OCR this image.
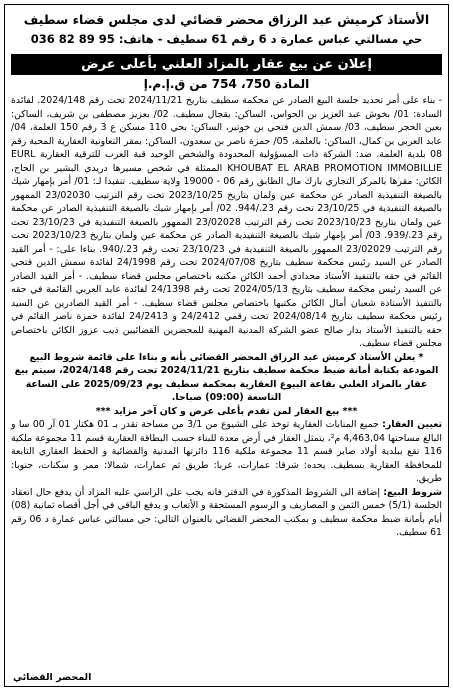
الأستاذ كرميش عبد الرزاق محضر قضائي لدى مجلس قضاء سطيف
حي مسالتي عباس عمارة د 6 رقم 61 سطيف - هاتف: 95 89 82 036
إعلان عن بيع عقار بالمزاد العلني بأعلى عرض
المادة 750، 754 من ق.إ.م.إ

- بناء على أمر تحديد جلسة البيع الصادر عن محكمة سطيف بتاريخ 2024/11/21 تحت رقم 2024/148. لفائدة السادة: 01/ بخوش عبد العزيز بن الحواس، الساكن: بقجال سطيف. 02/ بعزيز مصطفى بن شريف، الساكن: بعين الحجر سطيف، 03/ سمش الدين فتحي بن خوتير، الساكن: بحي 110 مسكن ع 3 رقم 150 العلمة، 04/ عابد العربي بن كمال، الساكن: بالعلمة، 05/ حمزة ناصر بن سعدون، الساكن: بمقر التعاونية العقارية المحبة رقم 08 بلدية العلمة. ضد: الشركة ذات المسؤولية المحدودة والشخص الوحيد قبة العرب للترقية العقارية EURL KHOUBAT EL ARAB PROMOTION IMMOBILLIE الممثلة في شخص مسيرها دريدي البشير بن الحاج، الكائن: مقرها بالمركز التجاري بارك مال الطابق رقم 06 - 19000 ولاية سطيف. تنفيذا لـ: 01/ أمر بإمهار شيك بالصيغة التنفيذية الصادر عن محكمة عين ولمان بتاريخ 2023/10/25 تحت رقم الترتيب 23/02030 الممهور بالصيغة التنفيذية في 23/10/25 تحت رقم 23./944. 02/ أمر بإمهار شيك بالصيغة التنفيذية الصادر عن محكمة عين ولمان بتاريخ 2023/10/23 تحت رقم الترتيب 23/02028 الممهور بالصيغة التنفيذية في 23/10/23 تحت رقم 23./939. 03/ أمر بإمهار شيك بالصيغة التنفيذية الصادر عن محكمة عين ولمان بتاريخ 2023/10/23 تحت رقم الترتيب 23/02029 الممهور بالصيغة التنفيذية في 23/10/23 تحت رقم 23./940. بناءا على: - أمر القيد الصادر عن السيد رئيس محكمة سطيف بتاريخ 2024/07/08 تحت رقم 24/1998 لفائدة سمش الدين فتحي القائم في حقه بالتنفيذ الأستاذ محدادي أحمد الكائن مكتبه باختصاص مجلس قضاء سطيف. - أمر القيد الصادر عن السيد رئيس محكمة سطيف بتاريخ 2024/05/13 تحت رقم 24/1398 لفائدة عابد العربي القائمة في حقه بالتنفيذ الأستاذة شعبان أمال الكائن مكتبها باختصاص مجلس قضاء سطيف. - أمر القيد الصادرين عن السيد رئيس محكمة سطيف بتاريخ 2024/08/14 تحت رقمي 24/2412 و 24/2413 لفائدة حمزة ناصر القائم في حقه بالتنفيذ الأستاذ بدار صالح عضو الشركة المدنية المهنية للمحضرين القضائيين ذيب عزوز الكائن باختصاص مجلس قضاء سطيف.

* يعلن الأستاذ كرميش عبد الرزاق المحضر القضائي بأنه و بناءا على قائمة شروط البيع المودعة بكتابة أمانة ضبط محكمة سطيف بتاريخ 2024/11/21 تحت رقم 2024/148، سيتم بيع عقار بالمزاد العلني بقاعة البيوع العقارية بمحكمة سطيف يوم 2025/09/23 على الساعة التاسعة (09:00) صباحا.

*** بيع العقار لمن تقدم بأعلى عرض و كان آخر مزايد ***

تعيين العقار: جميع المنابات العقارية توخذ على الشيوع من 3/1 من مساحة تقدر بـ 01 هكتار 01 آر 00 سا و البالغ مساحتها 4,463,04 م²، يتمثل العقار في أرض معدة للبناء حسب البطاقة العقارية قسم 11 مجموعة ملكية 116 تقع ببلدية أولاد صابر قسم 11 مجموعة ملكية 116 دائرتها المدنية والقضائية و الحفظ العقاري التابعة للمحافظة العقارية بسطيف. يحده: شرقا: عمارات، غربا: طريق ثم عمارات، شمالا: ممر و سكنات، جنوبا: طريق.

شروط البيع: إضافة الى الشروط المذكورة في الدفتر فانه يجب على الراسي عليه المزاد أن يدفع حال انعقاد الجلسة (5/1) خمس الثمن و المصاريف و الرسوم المستحقة و الأتعاب و يدفع الباقي في أجل أقصاه ثمانية (08) أيام بأمانة ضبط محكمة سطيف و بمكتب المحضر القضائي بالعنوان التالي: حي مسالتي عباس عمارة د 06 رقم 61 سطيف.

المحضر القضائي
